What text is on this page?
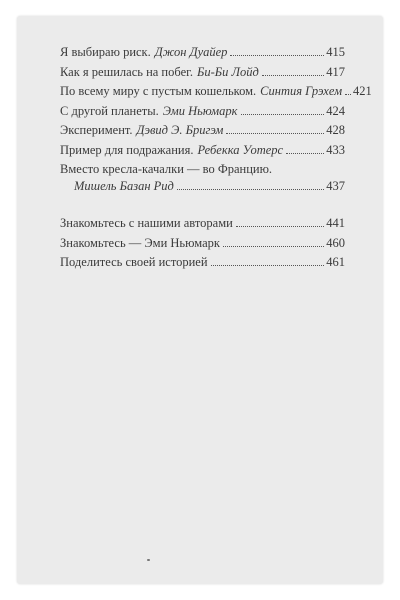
Я выбираю риск. Джон Дуайер	415
Как я решилась на побег. Би-Би Лойд	417
По всему миру с пустым кошельком. Синтия Грэхем 421
С другой планеты. Эми Ньюмарк	424
Эксперимент. Дэвид Э. Бригэм	428
Пример для подражания. Ребекка Уотерс	433
Вместо кресла-качалки — во Францию.
Мишель Базан Рид	437
Знакомьтесь с нашими авторами	441
Знакомьтесь — Эми Ньюмарк	460
Поделитесь своей историей	461
